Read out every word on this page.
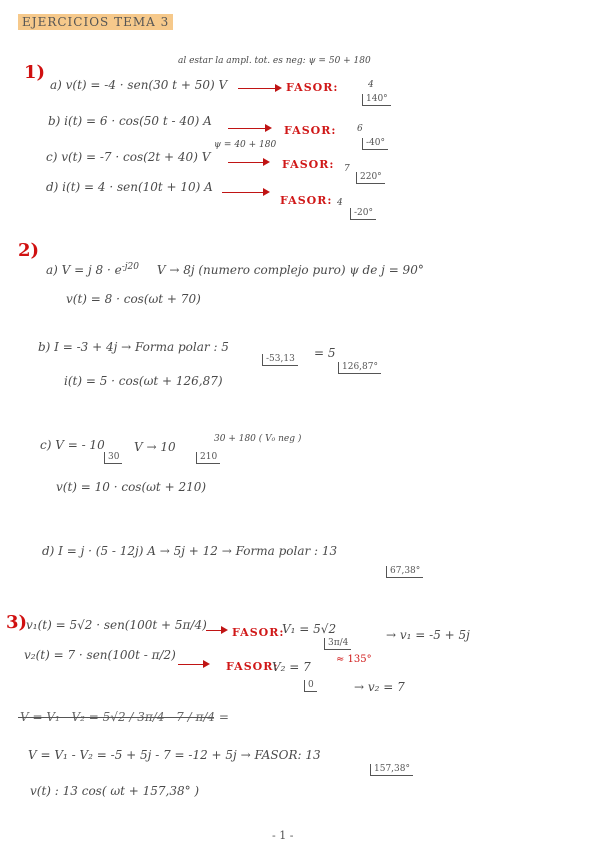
EJERCICIOS TEMA 3
1)
al estar la ampl. tot. es neg: ψ = 50 + 180
a) v(t) = -4 · sen(30 t + 50) V	FASOR:	4
140°
b) i(t) = 6 · cos(50 t - 40) A
FASOR: 6
-40°
ψ = 40 + 180
c) v(t) = -7 · cos(2t + 40) V
FASOR: 7
220°
d) i(t) = 4 · sen(10t + 10) A
FASOR: 4
-20°
2)
a) V = j $8 \cdot e^{-j20}$ V → 8j (numero complejo puro) ψ de j = 90°
v(t) = 8 · cos(ωt + 70)
b) I = -3 + 4j → Forma polar : 5
-53,13 = 5
126,87°
i(t) = 5 · cos(ωt + 126,87)
c) V = - 10
30
V → 10
210
30 + 180 ( V₀ neg )
v(t) = 10 · cos(ωt + 210)
d) I = j · (5 - 12j) A → 5j + 12 → Forma polar : 13
67,38°
3)
v₁(t) = 5√2 · sen(100t + 5π/4)
FASOR:
V₁ = 5√2
3π/4
≈ 135°
→ v₁ = -5 + 5j
v₂(t) = 7 · sen(100t - π/2)
FASOR:
V₂ = 7
0	→ v₂ = 7
V = V₁ - V₂ = 5√2 / 3π/4 - 7 / π/4 =
V = V₁ - V₂ = -5 + 5j - 7 = -12 + 5j → FASOR: 13
157,38°
v(t) : 13 cos( ωt + 157,38° )
- 1 -
